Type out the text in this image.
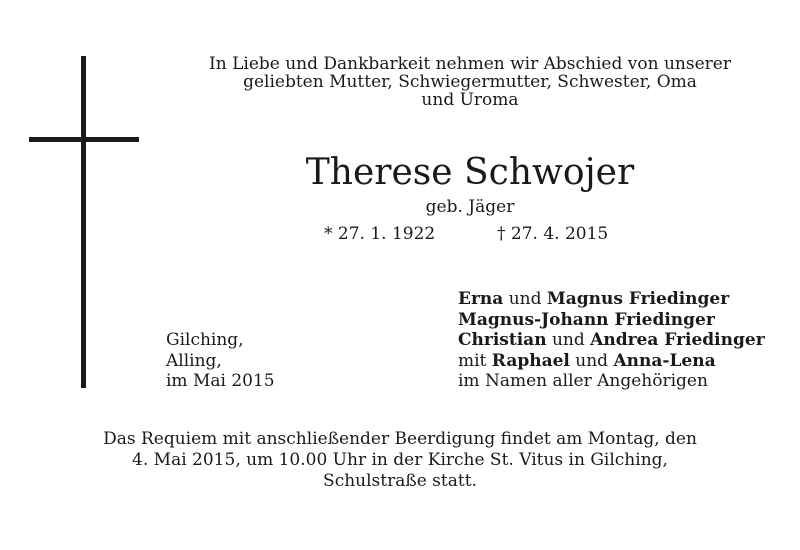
In Liebe und Dankbarkeit nehmen wir Abschied von unserer
geliebten Mutter, Schwiegermutter, Schwester, Oma
und Uroma
Therese Schwojer
geb. Jäger
* 27. 1. 1922	† 27. 4. 2015
Gilching,
Alling,
im Mai 2015
Erna und Magnus Friedinger
Magnus-Johann Friedinger
Christian und Andrea Friedinger
mit Raphael und Anna-Lena
im Namen aller Angehörigen
Das Requiem mit anschließender Beerdigung findet am Montag, den
4. Mai 2015, um 10.00 Uhr in der Kirche St. Vitus in Gilching,
Schulstraße statt.
